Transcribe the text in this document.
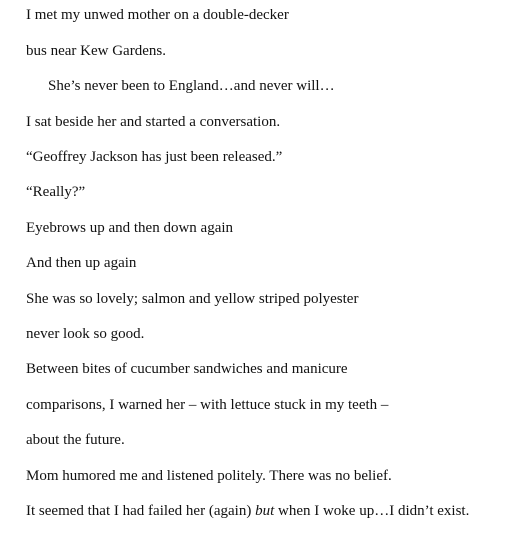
I met my unwed mother on a double-decker
bus near Kew Gardens.
She’s never been to England…and never will…
I sat beside her and started a conversation.
“Geoffrey Jackson has just been released.”
“Really?”
Eyebrows up and then down again
And then up again
She was so lovely; salmon and yellow striped polyester
never look so good.
Between bites of cucumber sandwiches and manicure
comparisons, I warned her – with lettuce stuck in my teeth –
about the future.
Mom humored me and listened politely. There was no belief.
It seemed that I had failed her (again) but when I woke up…I didn’t exist.
